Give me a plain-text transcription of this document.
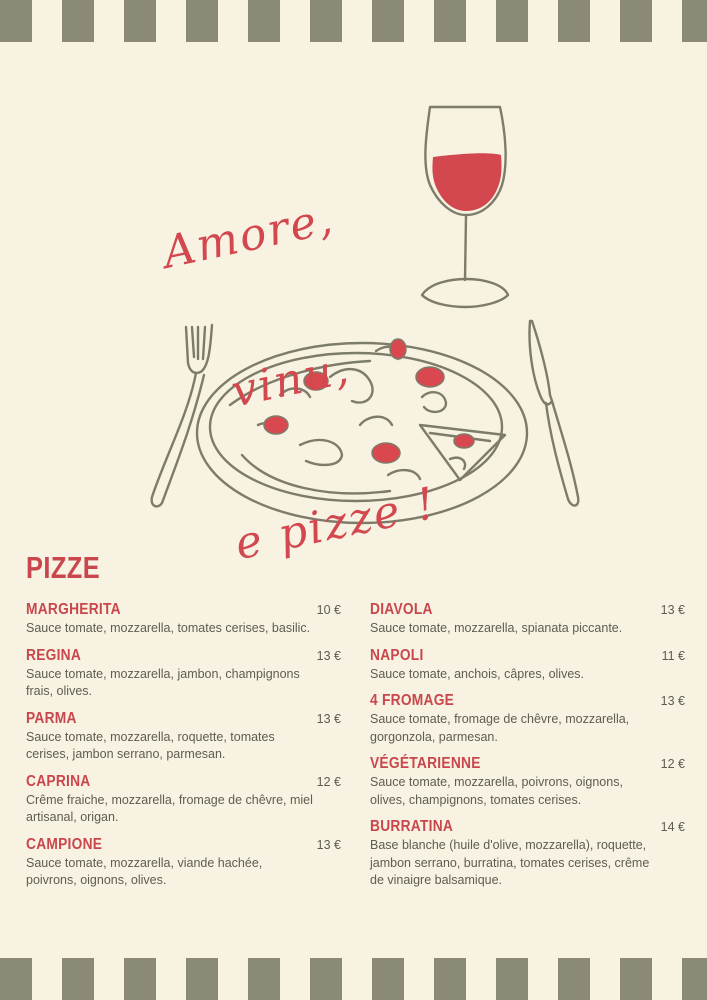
Amore,

vinu,

e pizze !

PIZZE
MARGHERITA	10 €
Sauce tomate, mozzarella, tomates cerises, basilic.
REGINA	13 €
Sauce tomate, mozzarella, jambon, champignons frais, olives.
PARMA	13 €
Sauce tomate, mozzarella, roquette, tomates cerises, jambon serrano, parmesan.
CAPRINA	12 €
Crême fraiche, mozzarella, fromage de chêvre, miel artisanal, origan.
CAMPIONE	13 €
Sauce tomate, mozzarella, viande hachée, poivrons, oignons, olives.
DIAVOLA	13 €
Sauce tomate, mozzarella, spianata piccante.
NAPOLI	11 €
Sauce tomate, anchois, câpres, olives.
4 FROMAGE	13 €
Sauce tomate, fromage de chêvre, mozzarella, gorgonzola, parmesan.
VÉGÉTARIENNE	12 €
Sauce tomate, mozzarella, poivrons, oignons, olives, champignons, tomates cerises.
BURRATINA	14 €
Base blanche (huile d'olive, mozzarella), roquette, jambon serrano, burratina, tomates cerises, crême de vinaigre balsamique.
